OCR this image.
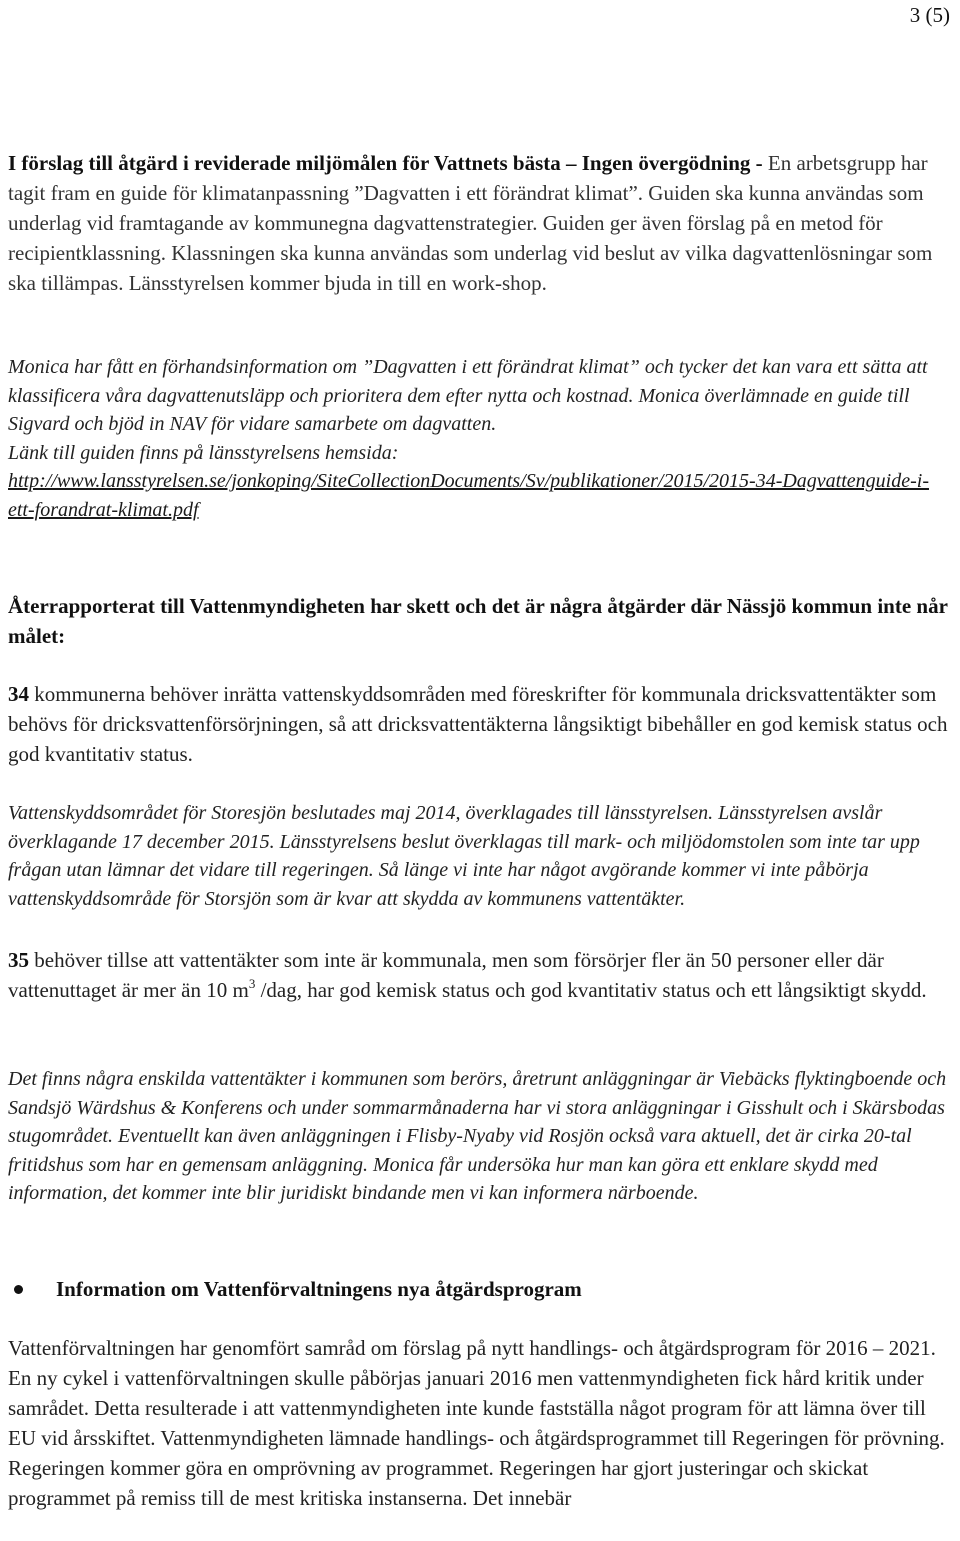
3 (5)
I förslag till åtgärd i reviderade miljömålen för Vattnets bästa – Ingen övergödning - En arbetsgrupp har tagit fram en guide för klimatanpassning ”Dagvatten i ett förändrat klimat”. Guiden ska kunna användas som underlag vid framtagande av kommunegna dagvattenstrategier. Guiden ger även förslag på en metod för recipientklassning. Klassningen ska kunna användas som underlag vid beslut av vilka dagvattenlösningar som ska tillämpas. Länsstyrelsen kommer bjuda in till en work-shop.
Monica har fått en förhandsinformation om ”Dagvatten i ett förändrat klimat” och tycker det kan vara ett sätta att klassificera våra dagvattenutsläpp och prioritera dem efter nytta och kostnad. Monica överlämnade en guide till Sigvard och bjöd in NAV för vidare samarbete om dagvatten.
Länk till guiden finns på länsstyrelsens hemsida:
http://www.lansstyrelsen.se/jonkoping/SiteCollectionDocuments/Sv/publikationer/2015/2015-34-Dagvattenguide-i-ett-forandrat-klimat.pdf
Återrapporterat till Vattenmyndigheten har skett och det är några åtgärder där Nässjö kommun inte når målet:
34 kommunerna behöver inrätta vattenskyddsområden med föreskrifter för kommunala dricksvattentäkter som behövs för dricksvattenförsörjningen, så att dricksvattentäkterna långsiktigt bibehåller en god kemisk status och god kvantitativ status.
Vattenskyddsområdet för Storesjön beslutades maj 2014, överklagades till länsstyrelsen. Länsstyrelsen avslår överklagande 17 december 2015. Länsstyrelsens beslut överklagas till mark- och miljödomstolen som inte tar upp frågan utan lämnar det vidare till regeringen. Så länge vi inte har något avgörande kommer vi inte påbörja vattenskyddsområde för Storsjön som är kvar att skydda av kommunens vattentäkter.
35 behöver tillse att vattentäkter som inte är kommunala, men som försörjer fler än 50 personer eller där vattenuttaget är mer än 10 $m^3$ /dag, har god kemisk status och god kvantitativ status och ett långsiktigt skydd.
Det finns några enskilda vattentäkter i kommunen som berörs, åretrunt anläggningar är Viebäcks flyktingboende och Sandsjö Wärdshus & Konferens och under sommarmånaderna har vi stora anläggningar i Gisshult och i Skärsbodas stugområdet. Eventuellt kan även anläggningen i Flisby-Nyaby vid Rosjön också vara aktuell, det är cirka 20-tal fritidshus som har en gemensam anläggning. Monica får undersöka hur man kan göra ett enklare skydd med information, det kommer inte blir juridiskt bindande men vi kan informera närboende.
Information om Vattenförvaltningens nya åtgärdsprogram
Vattenförvaltningen har genomfört samråd om förslag på nytt handlings- och åtgärdsprogram för 2016 – 2021. En ny cykel i vattenförvaltningen skulle påbörjas januari 2016 men vattenmyndigheten fick hård kritik under samrådet. Detta resulterade i att vattenmyndigheten inte kunde fastställa något program för att lämna över till EU vid årsskiftet. Vattenmyndigheten lämnade handlings- och åtgärdsprogrammet till Regeringen för prövning. Regeringen kommer göra en omprövning av programmet. Regeringen har gjort justeringar och skickat programmet på remiss till de mest kritiska instanserna. Det innebär
